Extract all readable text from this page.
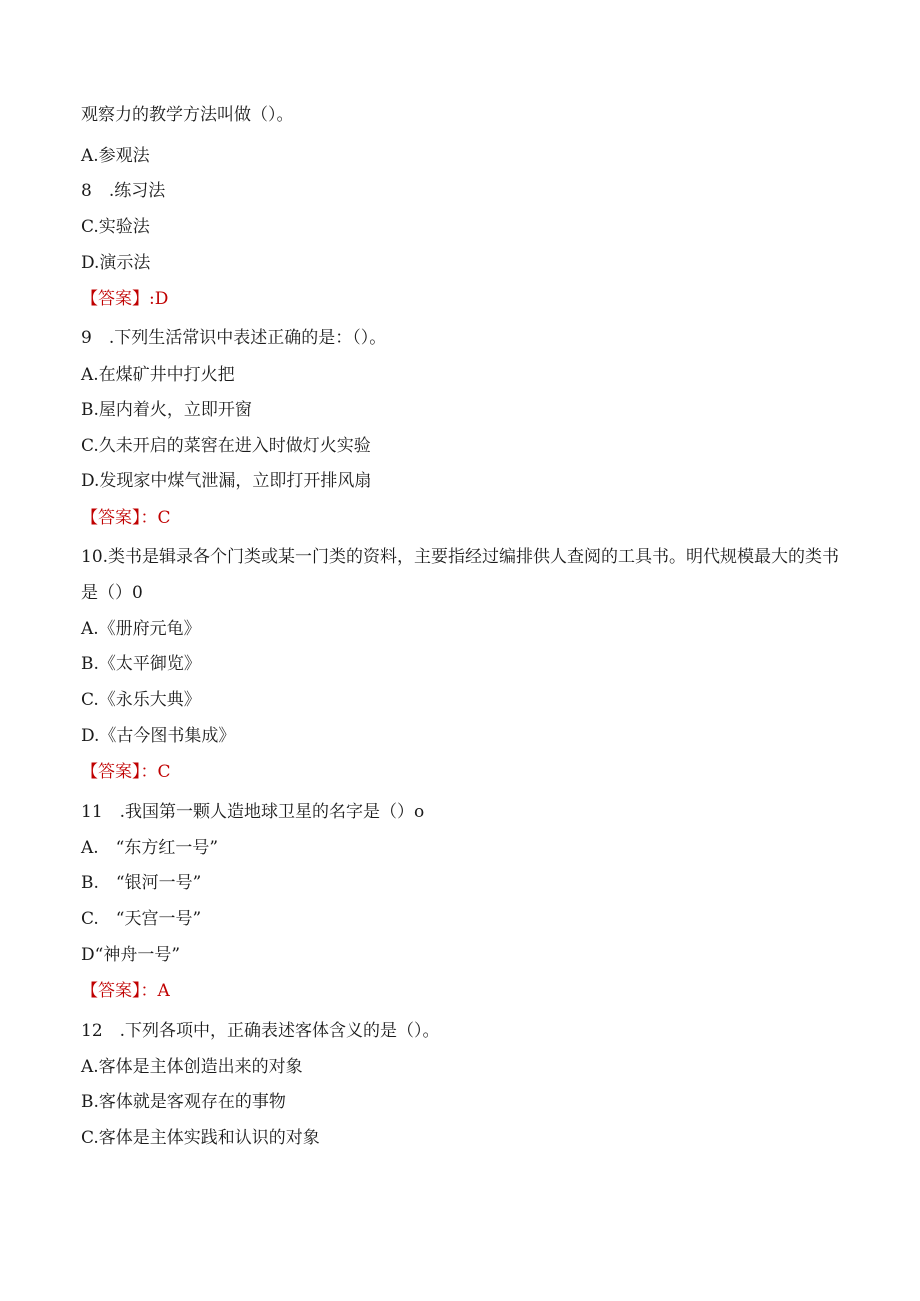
观察力的教学方法叫做（）。
A.参观法
8　.练习法
C.实验法
D.演示法
【答案】:D
9　.下列生活常识中表述正确的是：（）。
A.在煤矿井中打火把
B.屋内着火，立即开窗
C.久未开启的菜窖在进入时做灯火实验
D.发现家中煤气泄漏，立即打开排风扇
【答案】：C
10.类书是辑录各个门类或某一门类的资料，主要指经过编排供人查阅的工具书。明代规模最大的类书是（）0
A.《册府元龟》
B.《太平御览》
C.《永乐大典》
D.《古今图书集成》
【答案】：C
11　.我国第一颗人造地球卫星的名字是（）o
A.　“东方红一号”
B.　“银河一号”
C.　“天宫一号”
D“神舟一号”
【答案】：A
12　.下列各项中，正确表述客体含义的是（）。
A.客体是主体创造出来的对象
B.客体就是客观存在的事物
C.客体是主体实践和认识的对象
